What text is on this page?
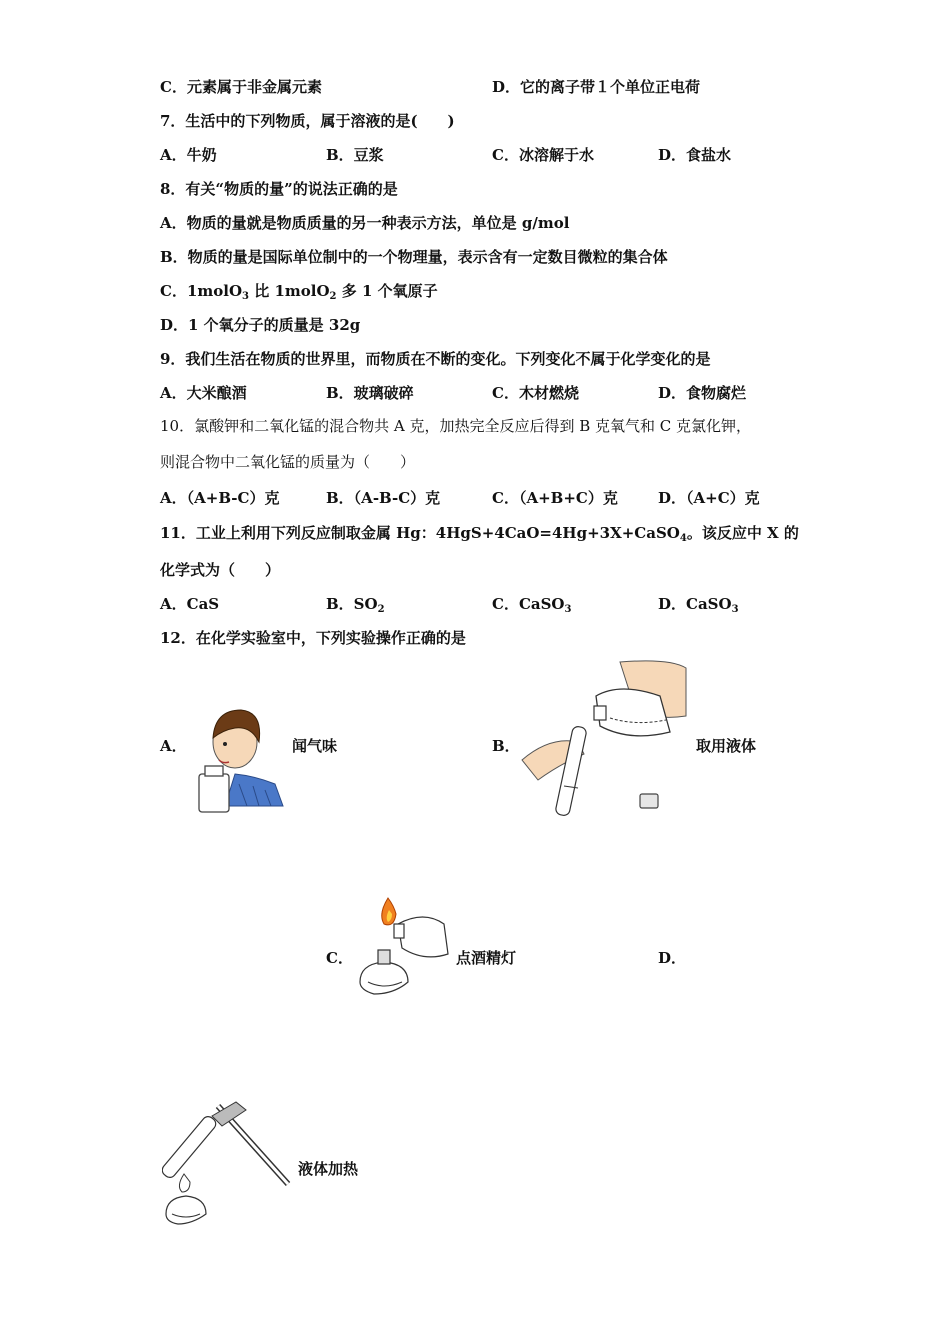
C．元素属于非金属元素	D．它的离子带１个单位正电荷
7．生活中的下列物质，属于溶液的是(　　)
A．牛奶	B．豆浆	C．冰溶解于水	D．食盐水
8．有关“物质的量”的说法正确的是
A．物质的量就是物质质量的另一种表示方法，单位是 g/mol
B．物质的量是国际单位制中的一个物理量，表示含有一定数目微粒的集合体
C．1molO$_3$ 比 1molO$_2$ 多 1 个氧原子
D．1 个氧分子的质量是 32g
9．我们生活在物质的世界里，而物质在不断的变化。下列变化不属于化学变化的是
A．大米酿酒	B．玻璃破碎	C．木材燃烧	D．食物腐烂
10．氯酸钾和二氧化锰的混合物共 A 克，加热完全反应后得到 B 克氧气和 C 克氯化钾，
则混合物中二氧化锰的质量为（　　）
A．（A+B-C）克	B．（A-B-C）克	C．（A+B+C）克	D．（A+C）克
11．工业上利用下列反应制取金属 Hg：4HgS+4CaO=4Hg+3X+CaSO$_4$。该反应中 X 的
化学式为（　　）
A．CaS	B．$SO_2$	C．CaSO$_3$	D．CaSO$_3$
12．在化学实验室中，下列实验操作正确的是
A．	闻气味	B．	取用液体
C．	点酒精灯	D．
液体加热
